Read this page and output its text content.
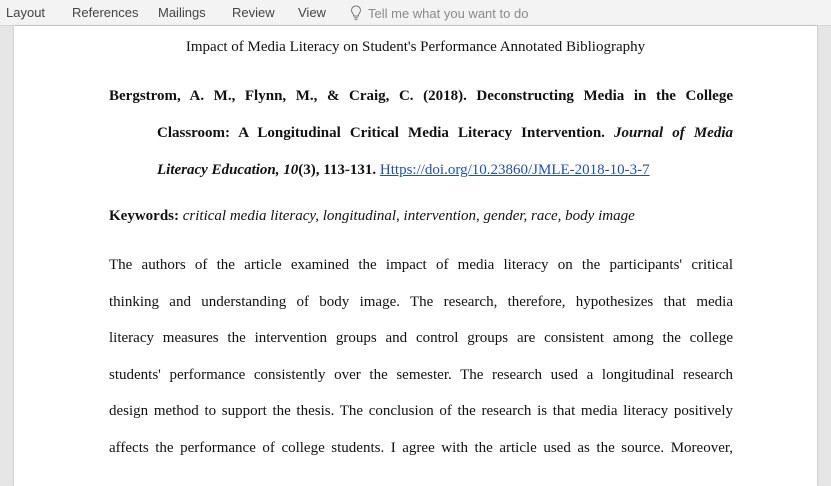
Layout References Mailings Review View	Tell me what you want to do
Impact of Media Literacy on Student's Performance Annotated Bibliography
Bergstrom, A. M., Flynn, M., & Craig, C. (2018). Deconstructing Media in the College
Classroom: A Longitudinal Critical Media Literacy Intervention. Journal of Media
Literacy Education, 10(3), 113-131. Https://doi.org/10.23860/JMLE-2018-10-3-7
Keywords: critical media literacy, longitudinal, intervention, gender, race, body image
The authors of the article examined the impact of media literacy on the participants' critical
thinking and understanding of body image. The research, therefore, hypothesizes that media
literacy measures the intervention groups and control groups are consistent among the college
students' performance consistently over the semester. The research used a longitudinal research
design method to support the thesis. The conclusion of the research is that media literacy positively
affects the performance of college students. I agree with the article used as the source. Moreover,
